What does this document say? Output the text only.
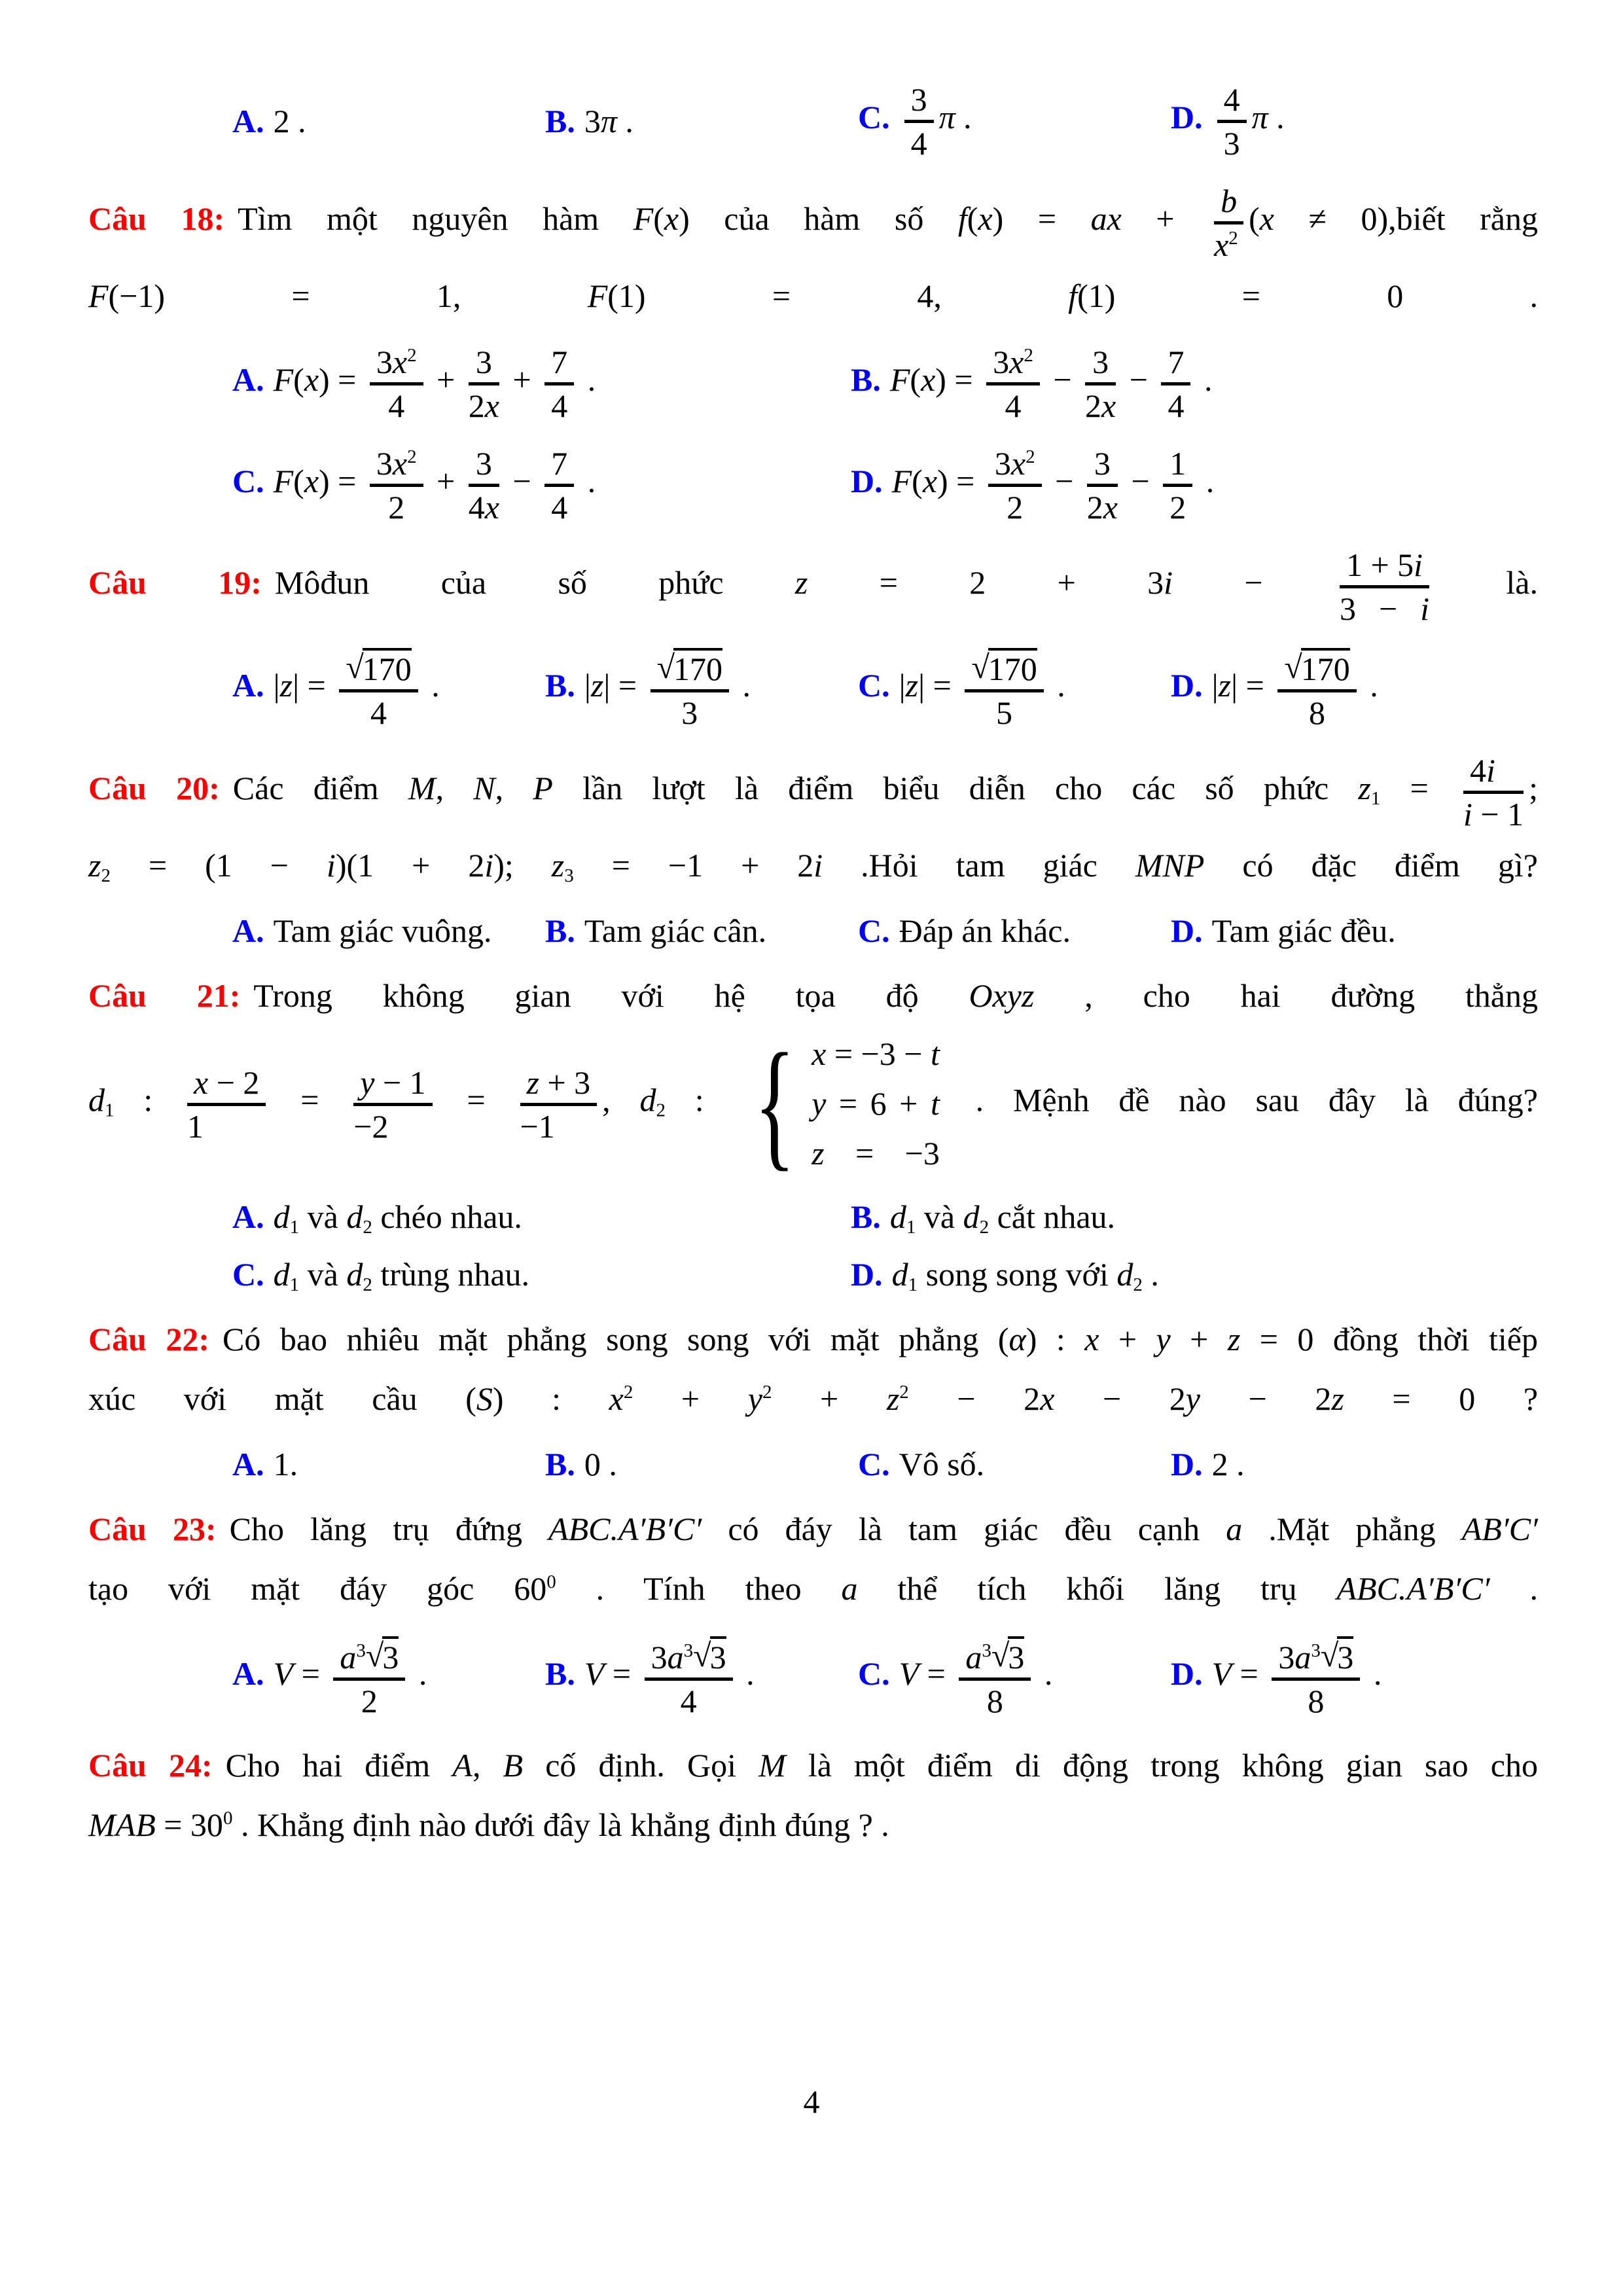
A. 2 .	B. 3π .	C. $\frac{3}{4}$ π .	D. $\frac{4}{3}$ π .
Câu 18: Tìm một nguyên hàm F(x) của hàm số f(x) = ax + $\frac{b}{x^2} (x$ ≠ 0),biết rằng
F(−1) = 1, F(1) = 4, f(1) = 0 .
A. $F(x) = \frac{3x^2}{4} + \frac{3}{2x} + \frac{7}{4}$ .	B. $F(x) = \frac{3x^2}{4} - \frac{3}{2x} - \frac{7}{4}$ .
C. $F(x) = \frac{3x^2}{2} + \frac{3}{4x} - \frac{7}{4}$ .	D. $F(x) = \frac{3x^2}{2} - \frac{3}{2x} - \frac{1}{2}$ .
Câu 19: Môđun của số phức $z = 2 + 3i - \frac{1 + 5i}{3 - i}$ là.
A. $|z| = \frac{√170}{4}$ .	B. $|z| = \frac{√170}{3}$ .	C. $|z| = \frac{√170}{5}$ .	D. $|z| = \frac{√170}{8}$ .
Câu 20: Các điểm M, N, P lần lượt là điểm biểu diễn cho các số phức $z_1 = \frac{4i}{i - 1}$ ;
$z_2 = (1 - i)(1 + 2i)$; $z_3 = -1 + 2i$ .Hỏi tam giác MNP có đặc điểm gì?
A. Tam giác vuông.	B. Tam giác cân.	C. Đáp án khác.	D. Tam giác đều.
Câu 21: Trong không gian với hệ tọa độ Oxyz , cho hai đường thẳng
$d_1$ : $\frac{x - 2}{1} = \frac{y - 1}{-2} = \frac{z + 3}{-1}$ , $d_2$ : { x = −3 − t
y = 6 + t
z = −3
. Mệnh đề nào sau đây là đúng?
A. $d_1$ và $d_2$ chéo nhau.	B. $d_1$ và $d_2$ cắt nhau.
C. $d_1$ và $d_2$ trùng nhau.	D. $d_1$ song song với $d_2$ .
Câu 22: Có bao nhiêu mặt phẳng song song với mặt phẳng (α) : x + y + z = 0 đồng thời tiếp
xúc với mặt cầu (S) : $x^2 + y^2 + z^2 - 2x - 2y - 2z = 0$ ?
A. 1.	B. 0 .	C. Vô số.	D. 2 .
Câu 23: Cho lăng trụ đứng ABC.A′B′C′ có đáy là tam giác đều cạnh a .Mặt phẳng AB′C′
tạo với mặt đáy góc $60^0$ . Tính theo a thể tích khối lăng trụ ABC.A′B′C′ .
A. $V = \frac{a^3√3}{2}$ .	B. $V = \frac{3a^3√3}{4}$ .	C. $V = \frac{a^3√3}{8}$ .	D. $V = \frac{3a^3√3}{8}$ .
Câu 24: Cho hai điểm A, B cố định. Gọi M là một điểm di động trong không gian sao cho
MAB = $30^0$ . Khẳng định nào dưới đây là khẳng định đúng ? .
4
